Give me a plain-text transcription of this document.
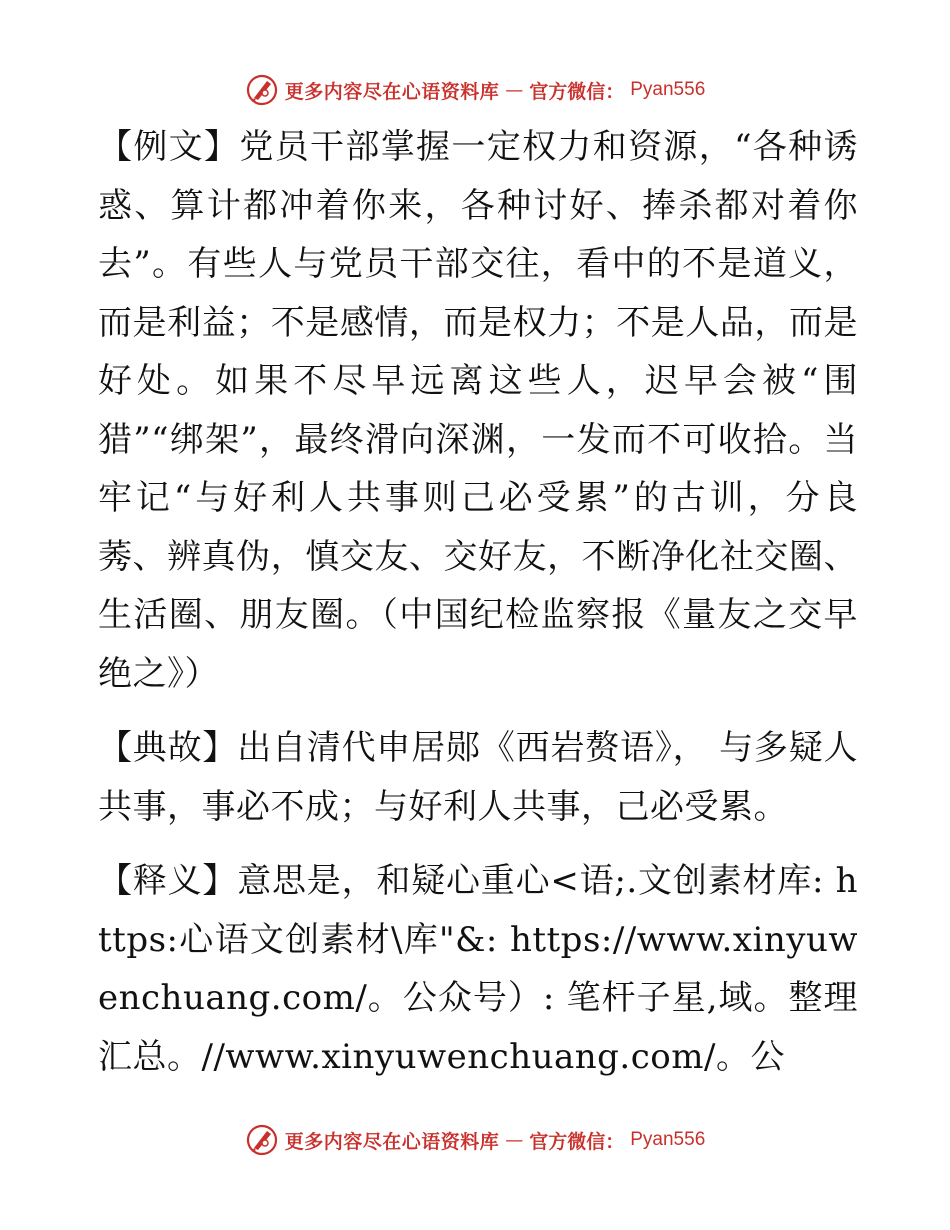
更多内容尽在心语资料库 — 官方微信： Pyan556

【例文】党员干部掌握一定权力和资源，“各种诱惑、算计都冲着你来，各种讨好、捧杀都对着你去”。有些人与党员干部交往，看中的不是道义，而是利益；不是感情，而是权力；不是人品，而是好处。如果不尽早远离这些人，迟早会被“围猎”“绑架”，最终滑向深渊，一发而不可收拾。当牢记“与好利人共事则己必受累”的古训，分良莠、辨真伪，慎交友、交好友，不断净化社交圈、生活圈、朋友圈。（中国纪检监察报《量友之交早绝之》）

【典故】出自清代申居郧《西岩赘语》， 与多疑人共事，事必不成；与好利人共事，己必受累。

【释义】意思是，和疑心重心<语;.文创素材库: https:心语文创素材\库"&: https://www.xinyuwenchuang.com/。公众号）: 笔杆子星,域。整理汇总。//www.xinyuwenchuang.com/。公

更多内容尽在心语资料库 — 官方微信： Pyan556
